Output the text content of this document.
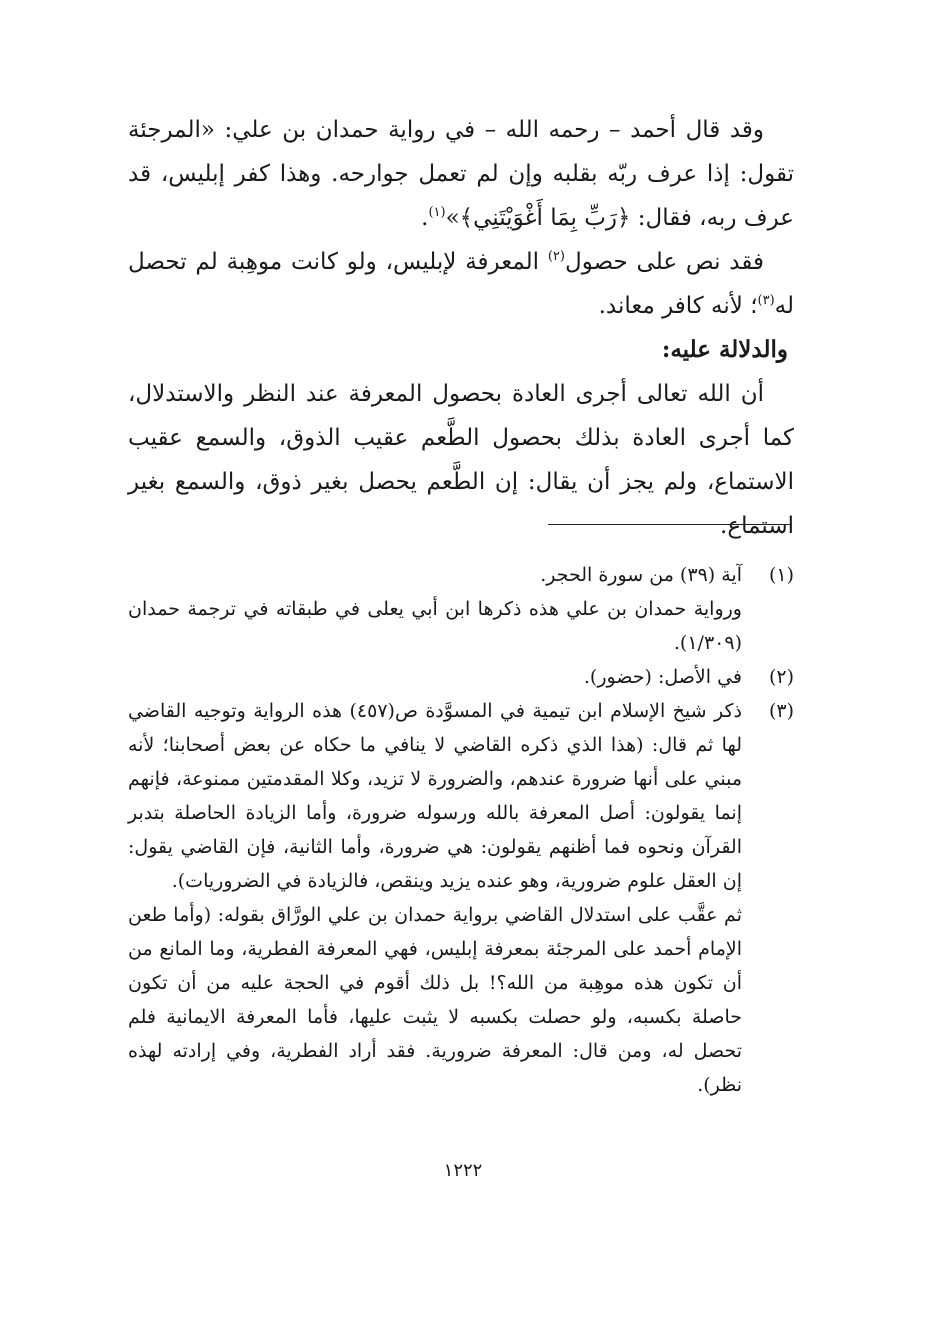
وقد قال أحمد – رحمه الله – في رواية حمدان بن علي: «المرجئة تقول: إذا عرف ربّه بقلبه وإن لم تعمل جوارحه. وهذا كفر إبليس، قد عرف ربه، فقال: ﴿رَبِّ بِمَا أَغْوَيْتَنِي﴾»$^{(١)}$.

فقد نص على حصول$^{(٢)}$ المعرفة لإبليس، ولو كانت موهِبة لم تحصل له$^{(٣)}$؛ لأنه كافر معاند.

والدلالة عليه:

أن الله تعالى أجرى العادة بحصول المعرفة عند النظر والاستدلال، كما أجرى العادة بذلك بحصول الطَّعم عقيب الذوق، والسمع عقيب الاستماع، ولم يجز أن يقال: إن الطَّعم يحصل بغير ذوق، والسمع بغير استماع.

(١)

آية (٣٩) من سورة الحجر.

ورواية حمدان بن علي هذه ذكرها ابن أبي يعلى في طبقاته في ترجمة حمدان (١/٣٠٩).

(٢)

في الأصل: (حضور).

(٣)

ذكر شيخ الإسلام ابن تيمية في المسوَّدة ص(٤٥٧) هذه الرواية وتوجيه القاضي لها ثم قال: (هذا الذي ذكره القاضي لا ينافي ما حكاه عن بعض أصحابنا؛ لأنه مبني على أنها ضرورة عندهم، والضرورة لا تزيد، وكلا المقدمتين ممنوعة، فإنهم إنما يقولون: أصل المعرفة بالله ورسوله ضرورة، وأما الزيادة الحاصلة بتدبر القرآن ونحوه فما أظنهم يقولون: هي ضرورة، وأما الثانية، فإن القاضي يقول: إن العقل علوم ضرورية، وهو عنده يزيد وينقص، فالزيادة في الضروريات).

ثم عقَّب على استدلال القاضي برواية حمدان بن علي الورَّاق بقوله: (وأما طعن الإمام أحمد على المرجئة بمعرفة إبليس، فهي المعرفة الفطرية، وما المانع من أن تكون هذه موهِبة من الله؟! بل ذلك أقوم في الحجة عليه من أن تكون حاصلة بكسبه، ولو حصلت بكسبه لا يثبت عليها، فأما المعرفة الايمانية فلم تحصل له، ومن قال: المعرفة ضرورية. فقد أراد الفطرية، وفي إرادته لهذه نظر).

١٢٢٢
